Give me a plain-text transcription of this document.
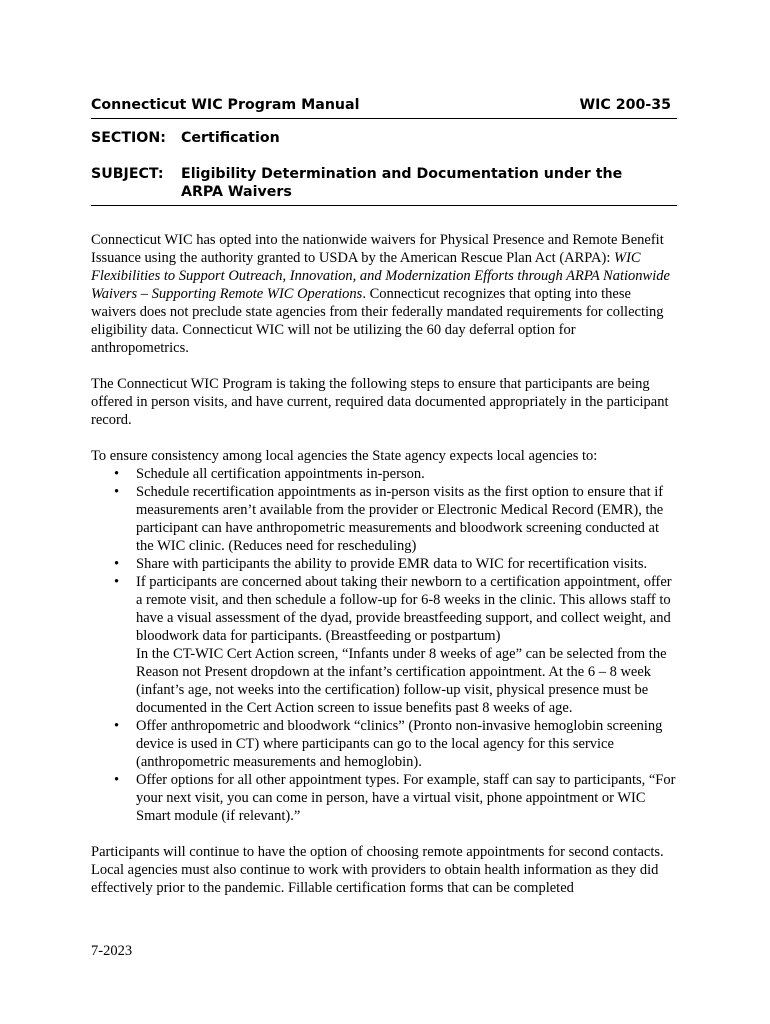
Connecticut WIC Program Manual	WIC 200-35
SECTION:	Certification
SUBJECT:	Eligibility Determination and Documentation under the ARPA Waivers

Connecticut WIC has opted into the nationwide waivers for Physical Presence and Remote Benefit Issuance using the authority granted to USDA by the American Rescue Plan Act (ARPA): WIC Flexibilities to Support Outreach, Innovation, and Modernization Efforts through ARPA Nationwide Waivers – Supporting Remote WIC Operations. Connecticut recognizes that opting into these waivers does not preclude state agencies from their federally mandated requirements for collecting eligibility data. Connecticut WIC will not be utilizing the 60 day deferral option for anthropometrics.

The Connecticut WIC Program is taking the following steps to ensure that participants are being offered in person visits, and have current, required data documented appropriately in the participant record.

To ensure consistency among local agencies the State agency expects local agencies to:

• Schedule all certification appointments in-person.
• Schedule recertification appointments as in-person visits as the first option to ensure that if measurements aren’t available from the provider or Electronic Medical Record (EMR), the participant can have anthropometric measurements and bloodwork screening conducted at the WIC clinic. (Reduces need for rescheduling)
• Share with participants the ability to provide EMR data to WIC for recertification visits.
• If participants are concerned about taking their newborn to a certification appointment, offer a remote visit, and then schedule a follow-up for 6-8 weeks in the clinic. This allows staff to have a visual assessment of the dyad, provide breastfeeding support, and collect weight, and bloodwork data for participants. (Breastfeeding or postpartum)
In the CT-WIC Cert Action screen, “Infants under 8 weeks of age” can be selected from the Reason not Present dropdown at the infant’s certification appointment. At the 6 – 8 week (infant’s age, not weeks into the certification) follow-up visit, physical presence must be documented in the Cert Action screen to issue benefits past 8 weeks of age.
• Offer anthropometric and bloodwork “clinics” (Pronto non-invasive hemoglobin screening device is used in CT) where participants can go to the local agency for this service (anthropometric measurements and hemoglobin).
• Offer options for all other appointment types. For example, staff can say to participants, “For your next visit, you can come in person, have a virtual visit, phone appointment or WIC Smart module (if relevant).”

Participants will continue to have the option of choosing remote appointments for second contacts. Local agencies must also continue to work with providers to obtain health information as they did effectively prior to the pandemic. Fillable certification forms that can be completed

7-2023
